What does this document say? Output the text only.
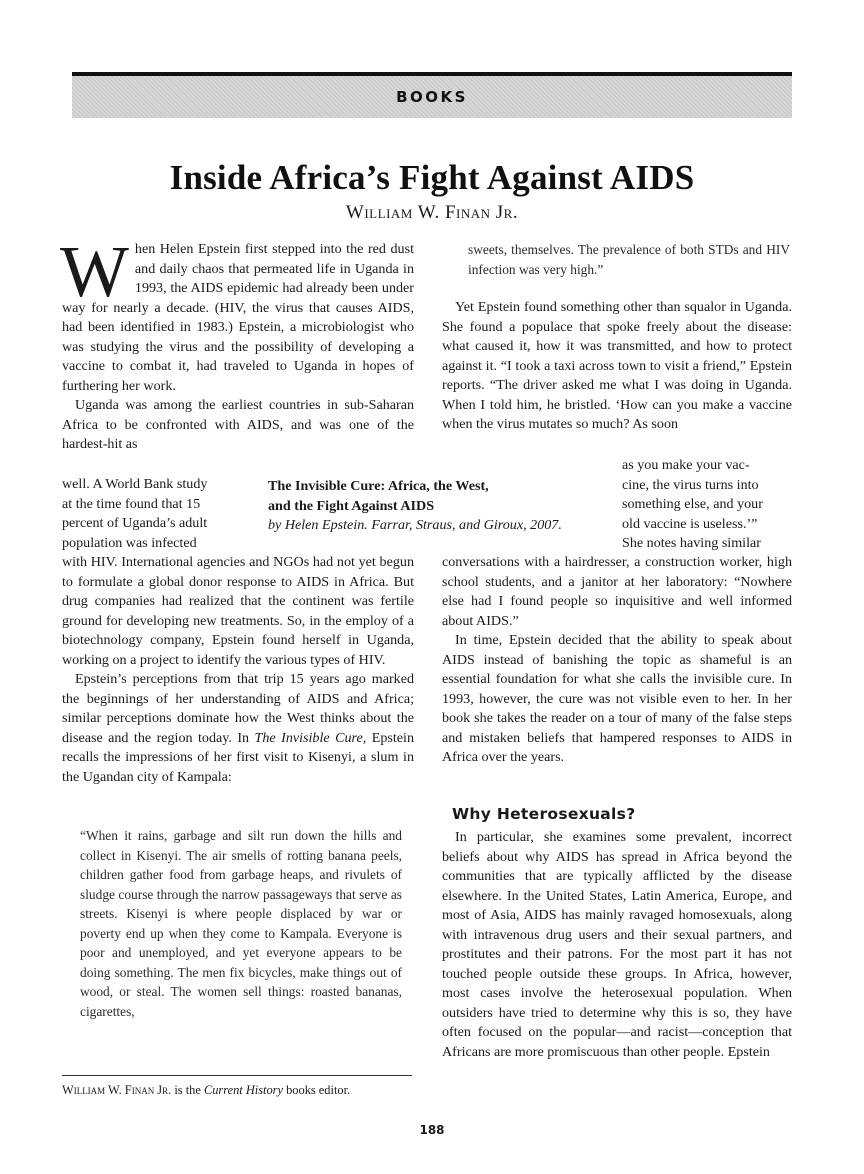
BOOKS
Inside Africa’s Fight Against AIDS
William W. Finan Jr.

When Helen Epstein first stepped into the red dust and daily chaos that permeated life in Uganda in 1993, the AIDS epidemic had already been under way for nearly a decade. (HIV, the virus that causes AIDS, had been identified in 1983.) Epstein, a microbiologist who was studying the virus and the possibility of developing a vaccine to combat it, had traveled to Uganda in hopes of furthering her work.

Uganda was among the earliest countries in sub-Saharan Africa to be confronted with AIDS, and was one of the hardest-hit as

well. A World Bank study

at the time found that 15

percent of Uganda’s adult

population was infected

with HIV. International agencies and NGOs had not yet begun to formulate a global donor response to AIDS in Africa. But drug companies had realized that the continent was fertile ground for developing new treatments. So, in the employ of a biotechnology company, Epstein found herself in Uganda, working on a project to identify the various types of HIV.

Epstein’s perceptions from that trip 15 years ago marked the beginnings of her understanding of AIDS and Africa; similar perceptions dominate how the West thinks about the disease and the region today. In The Invisible Cure, Epstein recalls the impressions of her first visit to Kisenyi, a slum in the Ugandan city of Kampala:

“When it rains, garbage and silt run down the hills and collect in Kisenyi. The air smells of rotting banana peels, children gather food from garbage heaps, and rivulets of sludge course through the narrow passageways that serve as streets. Kisenyi is where people displaced by war or poverty end up when they come to Kampala. Everyone is poor and unemployed, and yet everyone appears to be doing something. The men fix bicycles, make things out of wood, or steal. The women sell things: roasted bananas, cigarettes,
William W. Finan Jr. is the Current History books editor.
The Invisible Cure: Africa, the West,
and the Fight Against AIDS
by Helen Epstein. Farrar, Straus, and Giroux, 2007.
sweets, themselves. The prevalence of both STDs and HIV infection was very high.”

Yet Epstein found something other than squalor in Uganda. She found a populace that spoke freely about the disease: what caused it, how it was transmitted, and how to protect against it. “I took a taxi across town to visit a friend,” Epstein reports. “The driver asked me what I was doing in Uganda. When I told him, he bristled. ‘How can you make a vaccine when the virus mutates so much? As soon

as you make your vac-

cine, the virus turns into

something else, and your

old vaccine is useless.’”

She notes having similar

conversations with a hairdresser, a construction worker, high school students, and a janitor at her laboratory: “Nowhere else had I found people so inquisitive and well informed about AIDS.”

In time, Epstein decided that the ability to speak about AIDS instead of banishing the topic as shameful is an essential foundation for what she calls the invisible cure. In 1993, however, the cure was not visible even to her. In her book she takes the reader on a tour of many of the false steps and mistaken beliefs that hampered responses to AIDS in Africa over the years.

Why Heterosexuals?

In particular, she examines some prevalent, incorrect beliefs about why AIDS has spread in Africa beyond the communities that are typically afflicted by the disease elsewhere. In the United States, Latin America, Europe, and most of Asia, AIDS has mainly ravaged homosexuals, along with intravenous drug users and their sexual partners, and prostitutes and their patrons. For the most part it has not touched people outside these groups. In Africa, however, most cases involve the heterosexual population. When outsiders have tried to determine why this is so, they have often focused on the popular—and racist—conception that Africans are more promiscuous than other people. Epstein

188
